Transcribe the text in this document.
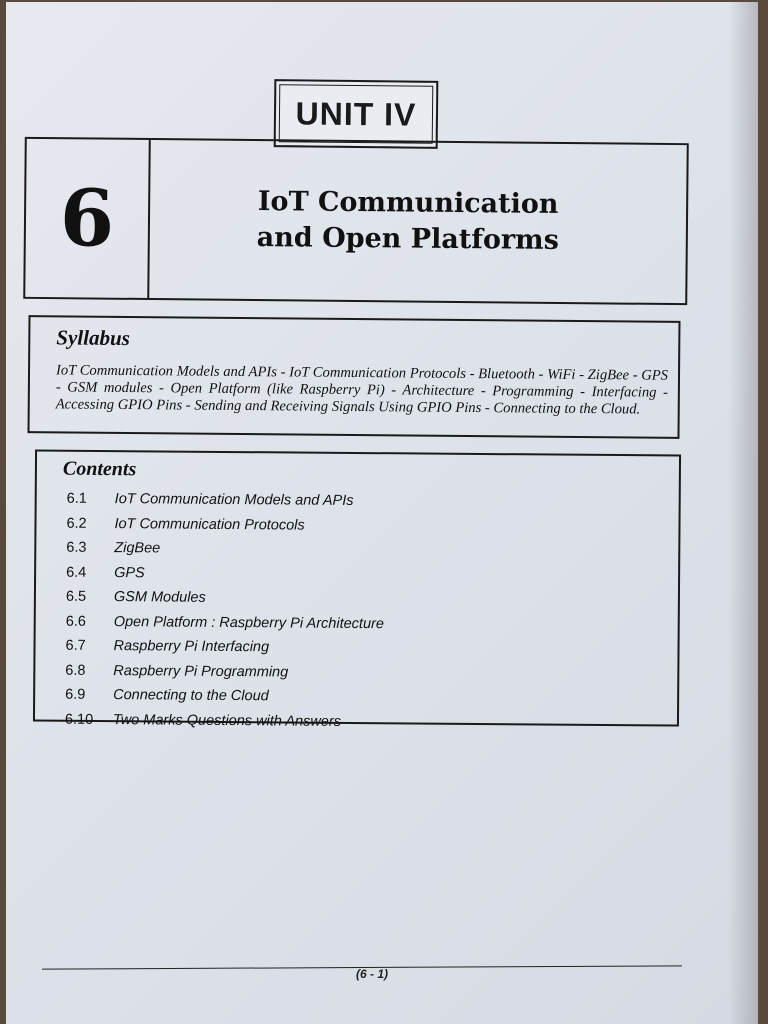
UNIT IV
6	IoT Communication
and Open Platforms
Syllabus
IoT Communication Models and APIs - IoT Communication Protocols - Bluetooth - WiFi - ZigBee - GPS - GSM modules - Open Platform (like Raspberry Pi) - Architecture - Programming - Interfacing - Accessing GPIO Pins - Sending and Receiving Signals Using GPIO Pins - Connecting to the Cloud.
Contents
6.1	IoT Communication Models and APIs
6.2	IoT Communication Protocols
6.3	ZigBee
6.4	GPS
6.5	GSM Modules
6.6	Open Platform : Raspberry Pi Architecture
6.7	Raspberry Pi Interfacing
6.8	Raspberry Pi Programming
6.9	Connecting to the Cloud
6.10	Two Marks Questions with Answers
(6 - 1)
